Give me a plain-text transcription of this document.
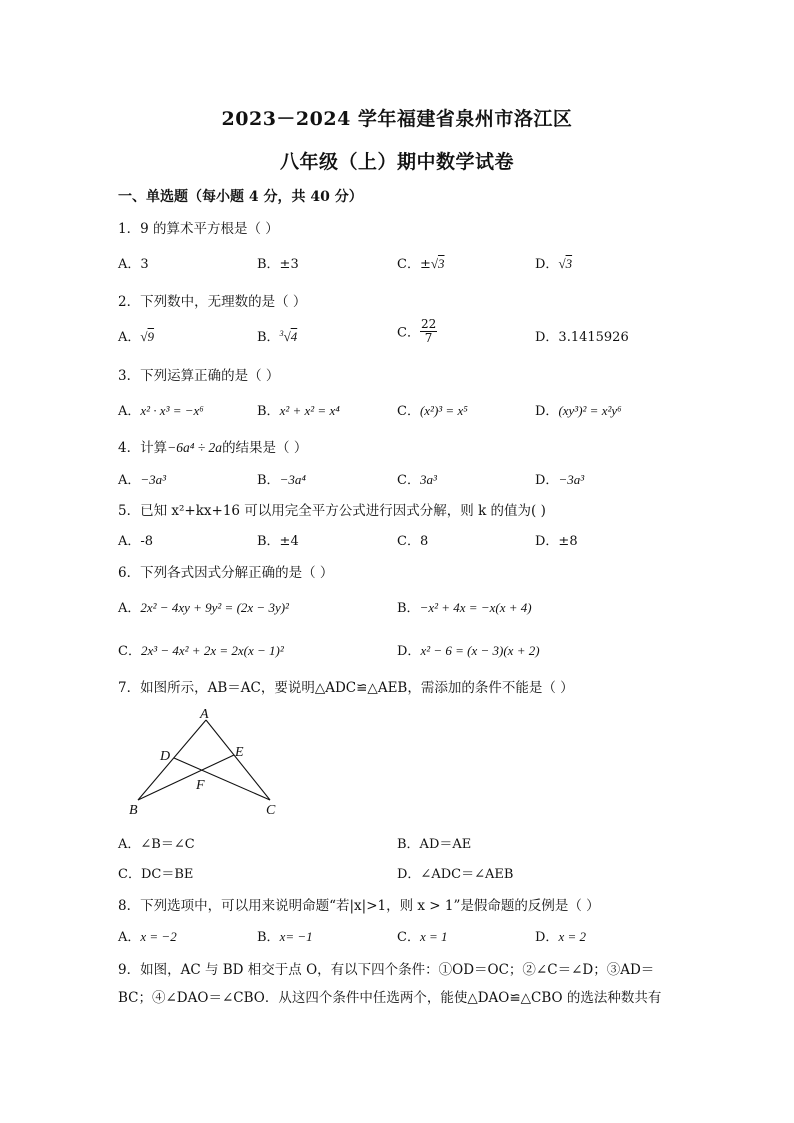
2023－2024 学年福建省泉州市洛江区
八年级（上）期中数学试卷
一、单选题（每小题 4 分，共 40 分）
1．9 的算术平方根是（ ）
A．3	B．±3	C．±√3	D．√3
2．下列数中，无理数的是（ ）
A．√9	B．$^3$√4	C． $\frac{22}{7}$	D．3.1415926
3．下列运算正确的是（ ）
A．x² · x³ = −x⁶	B．x² + x² = x⁴	C．(x²)³ = x⁵	D．(xy³)² = x²y⁶
4．计算−6a⁴ ÷ 2a的结果是（ ）
A．−3a³	B．−3a⁴	C．3a³	D．−3a³
5．已知 x²+kx+16 可以用完全平方公式进行因式分解，则 k 的值为( )
A．-8	B．±4	C．8	D．±8
6．下列各式因式分解正确的是（ ）
A．2x² − 4xy + 9y² = (2x − 3y)²	B．−x² + 4x = −x(x + 4)
C．2x³ − 4x² + 2x = 2x(x − 1)²	D．x² − 6 = (x − 3)(x + 2)
7．如图所示，AB＝AC，要说明△ADC≌△AEB，需添加的条件不能是（ ）
A
D	E
F
B	C
A．∠B＝∠C	B．AD＝AE
C．DC＝BE	D．∠ADC＝∠AEB
8．下列选项中，可以用来说明命题“若|x|>1，则 x > 1”是假命题的反例是（ ）
A．x = −2	B．x= −1	C．x = 1	D．x = 2
9．如图，AC 与 BD 相交于点 O，有以下四个条件：①OD＝OC；②∠C＝∠D；③AD＝
BC；④∠DAO＝∠CBO．从这四个条件中任选两个，能使△DAO≌△CBO 的选法种数共有
